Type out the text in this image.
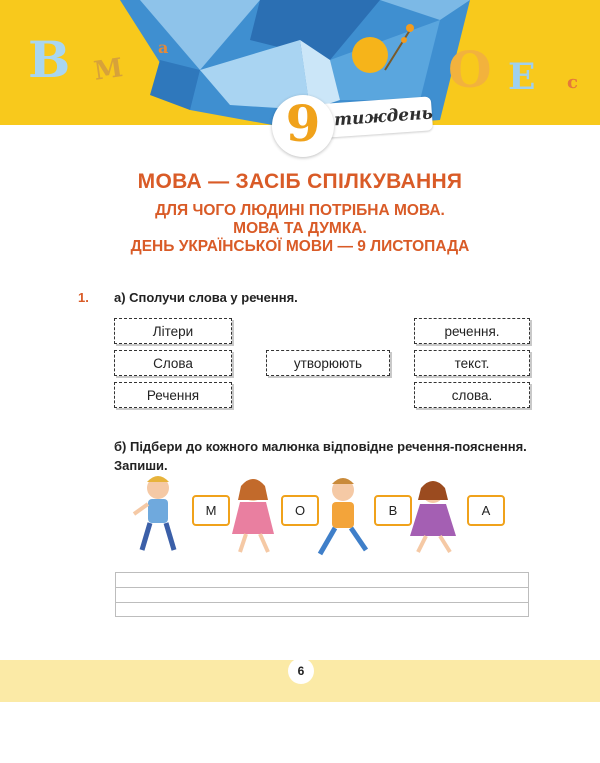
В М
а	О Е с
тиждень
9
МОВА — ЗАСІБ СПІЛКУВАННЯ
ДЛЯ ЧОГО ЛЮДИНІ ПОТРІБНА МОВА.
МОВА ТА ДУМКА.
ДЕНЬ УКРАЇНСЬКОЇ МОВИ — 9 ЛИСТОПАДА
1. а) Сполучи слова у речення.
Літери
Слова
Речення
утворюють
речення.
текст.
слова.
б) Підбери до кожного малюнка відповідне речення-пояснення. Запиши.
М	О	В	А
6
